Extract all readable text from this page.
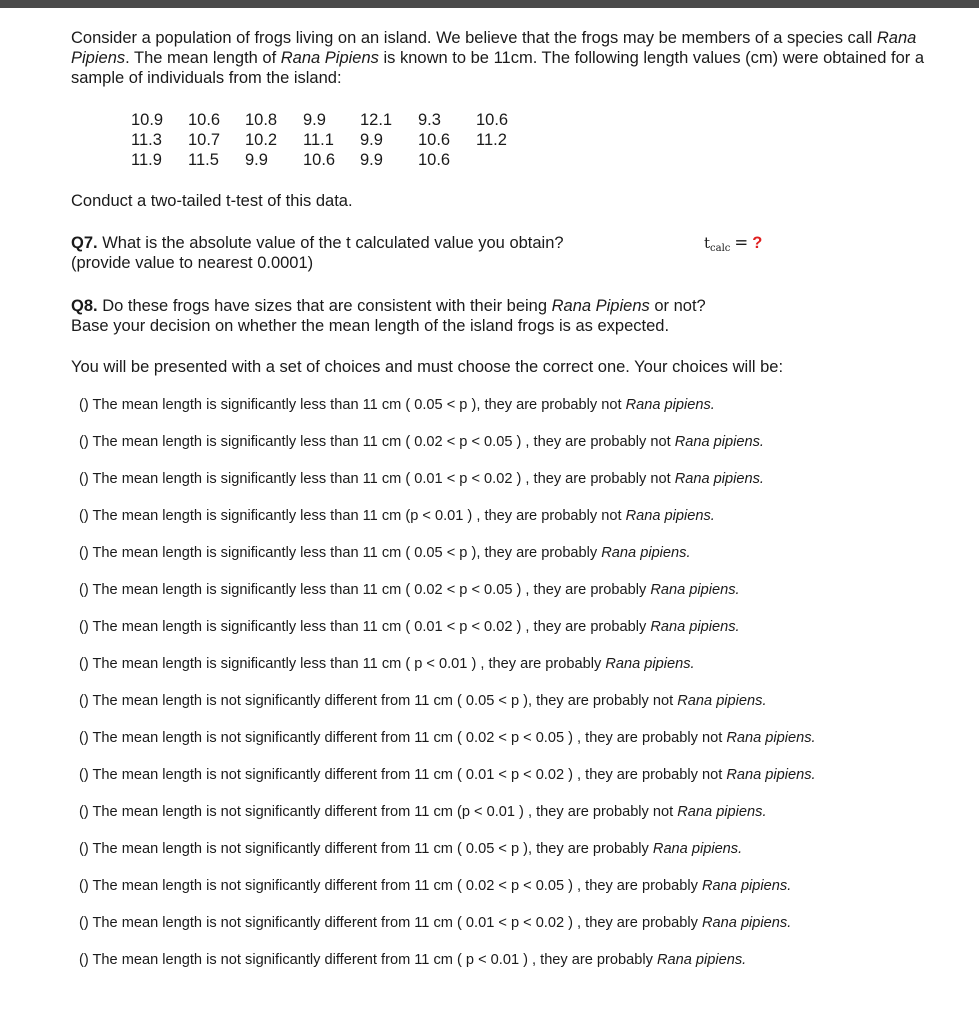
Consider a population of frogs living on an island. We believe that the frogs may be members of a species call Rana Pipiens. The mean length of Rana Pipiens is known to be 11cm. The following length values (cm) were obtained for a sample of individuals from the island:

10.9	10.6	10.8	9.9	12.1	9.3	10.6
11.3	10.7	10.2	11.1	9.9	10.6	11.2
11.9	11.5	9.9	10.6	9.9	10.6	
Conduct a two-tailed t-test of this data.
Q7. What is the absolute value of the t calculated value you obtain?
(provide value to nearest 0.0001)
$t_{calc}$ = ?
Q8. Do these frogs have sizes that are consistent with their being Rana Pipiens or not?
Base your decision on whether the mean length of the island frogs is as expected.
You will be presented with a set of choices and must choose the correct one. Your choices will be:
() The mean length is significantly less than 11 cm ( 0.05 < p ), they are probably not Rana pipiens.
() The mean length is significantly less than 11 cm ( 0.02 < p < 0.05 ) , they are probably not Rana pipiens.
() The mean length is significantly less than 11 cm ( 0.01 < p < 0.02 ) , they are probably not Rana pipiens.
() The mean length is significantly less than 11 cm (p < 0.01 ) , they are probably not Rana pipiens.
() The mean length is significantly less than 11 cm ( 0.05 < p ), they are probably Rana pipiens.
() The mean length is significantly less than 11 cm ( 0.02 < p < 0.05 ) , they are probably Rana pipiens.
() The mean length is significantly less than 11 cm ( 0.01 < p < 0.02 ) , they are probably Rana pipiens.
() The mean length is significantly less than 11 cm ( p < 0.01 ) , they are probably Rana pipiens.
() The mean length is not significantly different from 11 cm ( 0.05 < p ), they are probably not Rana pipiens.
() The mean length is not significantly different from 11 cm ( 0.02 < p < 0.05 ) , they are probably not Rana pipiens.
() The mean length is not significantly different from 11 cm ( 0.01 < p < 0.02 ) , they are probably not Rana pipiens.
() The mean length is not significantly different from 11 cm (p < 0.01 ) , they are probably not Rana pipiens.
() The mean length is not significantly different from 11 cm ( 0.05 < p ), they are probably Rana pipiens.
() The mean length is not significantly different from 11 cm ( 0.02 < p < 0.05 ) , they are probably Rana pipiens.
() The mean length is not significantly different from 11 cm ( 0.01 < p < 0.02 ) , they are probably Rana pipiens.
() The mean length is not significantly different from 11 cm ( p < 0.01 ) , they are probably Rana pipiens.
